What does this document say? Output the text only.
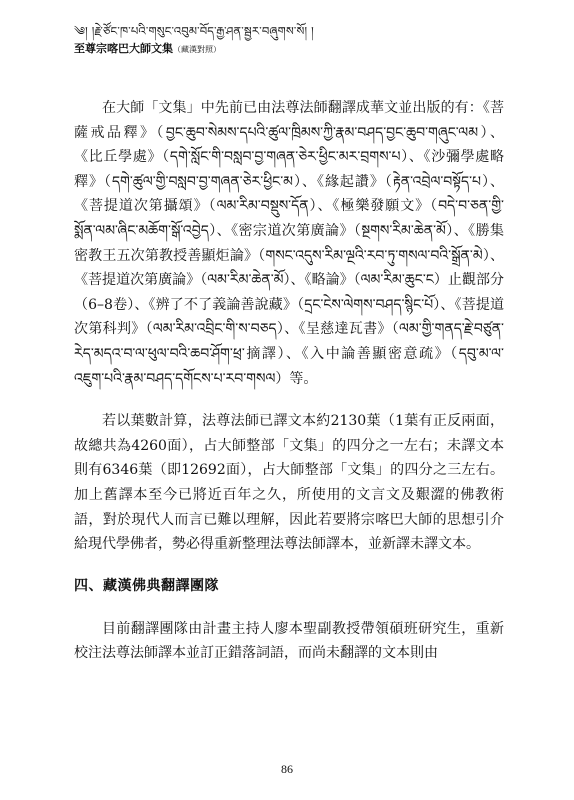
༄། །རྗེ་ཙོང་ཁ་པའི་གསུང་འབུམ་བོད་རྒྱ་ཤན་སྦྱར་བཞུགས་སོ། །
至尊宗喀巴大師文集（藏漢對照）

在大師「文集」中先前已由法尊法師翻譯成華文並出版的有：《菩薩戒品釋》（བྱང་ཆུབ་སེམས་དཔའི་ཚུལ་ཁྲིམས་ཀྱི་རྣམ་བཤད་བྱང་ཆུབ་གཞུང་ལམ）、《比丘學處》（དགེ་སློང་གི་བསླབ་བྱ་གཞན་ཅེར་ཕྱིང་མར་བྲགས་པ）、《沙彌學處略釋》（དགེ་ཚུལ་གྱི་བསླབ་བྱ་གཞན་ཅེར་ཕྱིང་མ）、《緣起讚》（རྟེན་འབྲེལ་བསྟོད་པ）、《菩提道次第攝頌》（ལམ་རིམ་བསྡུས་དོན）、《極樂發願文》（བདེ་བ་ཅན་གྱི་སྨོན་ལམ་ཞིང་མཆོག་སྒོ་འབྱེད）、《密宗道次第廣論》（སྔགས་རིམ་ཆེན་མོ）、《勝集密教王五次第教授善顯炬論》（གསང་འདུས་རིམ་ལྔའི་རབ་ཏུ་གསལ་བའི་སྒྲོན་མེ）、《菩提道次第廣論》（ལམ་རིམ་ཆེན་མོ）、《略論》（ལམ་རིམ་ཆུང་ང）止觀部分（6–8卷）、《辨了不了義論善說藏》（དྲང་ངེས་ལེགས་བཤད་སྙིང་པོ）、《菩提道次第科判》（ལམ་རིམ་འབྲིང་གི་ས་བཅད）、《呈慈達瓦書》（ལམ་གྱི་གནད་རྗེ་བཙུན་རེད་མདའ་བ་ལ་ཕུལ་བའི་ཆབ་ཤོག་ཕྲ་摘譯）、《入中論善顯密意疏》（དབུ་མ་ལ་འཇུག་པའི་རྣམ་བཤད་དགོངས་པ་རབ་གསལ）等。

若以葉數計算，法尊法師已譯文本約2130葉（1葉有正反兩面，故總共為4260面），占大師整部「文集」的四分之一左右；未譯文本則有6346葉（即12692面），占大師整部「文集」的四分之三左右。加上舊譯本至今已將近百年之久，所使用的文言文及艱澀的佛教術語，對於現代人而言已難以理解，因此若要將宗喀巴大師的思想引介給現代學佛者，勢必得重新整理法尊法師譯本，並新譯未譯文本。

四、藏漢佛典翻譯團隊

目前翻譯團隊由計畫主持人廖本聖副教授帶領碩班研究生，重新校注法尊法師譯本並訂正錯落詞語，而尚未翻譯的文本則由

86
